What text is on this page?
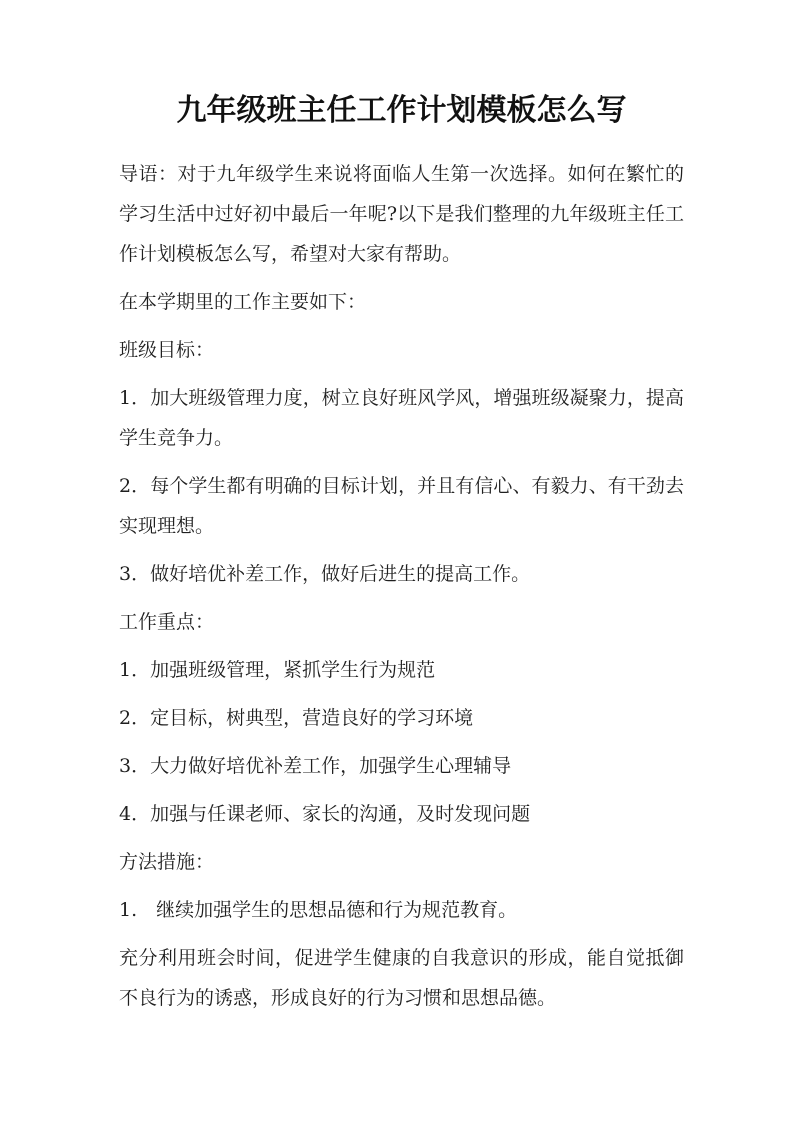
九年级班主任工作计划模板怎么写

导语：对于九年级学生来说将面临人生第一次选择。如何在繁忙的学习生活中过好初中最后一年呢?以下是我们整理的九年级班主任工作计划模板怎么写，希望对大家有帮助。

在本学期里的工作主要如下：

班级目标：

1．加大班级管理力度，树立良好班风学风，增强班级凝聚力，提高学生竞争力。

2．每个学生都有明确的目标计划，并且有信心、有毅力、有干劲去实现理想。

3．做好培优补差工作，做好后进生的提高工作。

工作重点：

1．加强班级管理，紧抓学生行为规范

2．定目标，树典型，营造良好的学习环境

3．大力做好培优补差工作，加强学生心理辅导

4．加强与任课老师、家长的沟通，及时发现问题

方法措施：

1.　继续加强学生的思想品德和行为规范教育。

充分利用班会时间，促进学生健康的自我意识的形成，能自觉抵御不良行为的诱惑，形成良好的行为习惯和思想品德。
